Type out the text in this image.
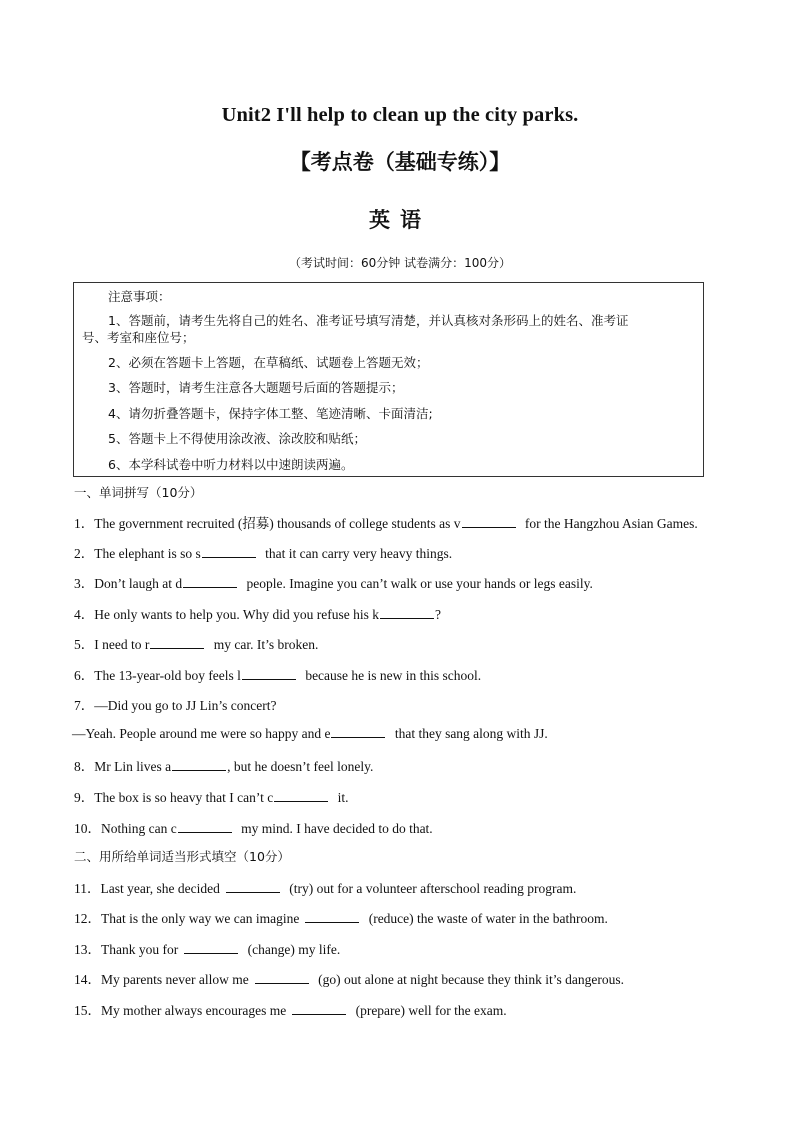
Unit2 I'll help to clean up the city parks.
【考点卷（基础专练）】
英语
（考试时间：60分钟 试卷满分：100分）
注意事项：
1、答题前，请考生先将自己的姓名、准考证号填写清楚，并认真核对条形码上的姓名、准考证
号、考室和座位号；
2、必须在答题卡上答题，在草稿纸、试题卷上答题无效；
3、答题时，请考生注意各大题题号后面的答题提示；
4、请勿折叠答题卡，保持字体工整、笔迹清晰、卡面清洁;
5、答题卡上不得使用涂改液、涂改胶和贴纸；
6、本学科试卷中听力材料以中速朗读两遍。
一、单词拼写（10分）
1．The government recruited (招募) thousands of college students as v	for the Hangzhou Asian Games.
2．The elephant is so s	that it can carry very heavy things.
3．Don’t laugh at d	people. Imagine you can’t walk or use your hands or legs easily.
4．He only wants to help you. Why did you refuse his k	?
5．I need to r	my car. It’s broken.
6．The 13-year-old boy feels l	because he is new in this school.
7．—Did you go to JJ Lin’s concert?
—Yeah. People around me were so happy and e	that they sang along with JJ.
8．Mr Lin lives a	, but he doesn’t feel lonely.
9．The box is so heavy that I can’t c	it.
10．Nothing can c	my mind. I have decided to do that.
二、用所给单词适当形式填空（10分）
11．Last year, she decided	(try) out for a volunteer afterschool reading program.
12．That is the only way we can imagine	(reduce) the waste of water in the bathroom.
13．Thank you for	(change) my life.
14．My parents never allow me	(go) out alone at night because they think it’s dangerous.
15．My mother always encourages me	(prepare) well for the exam.
